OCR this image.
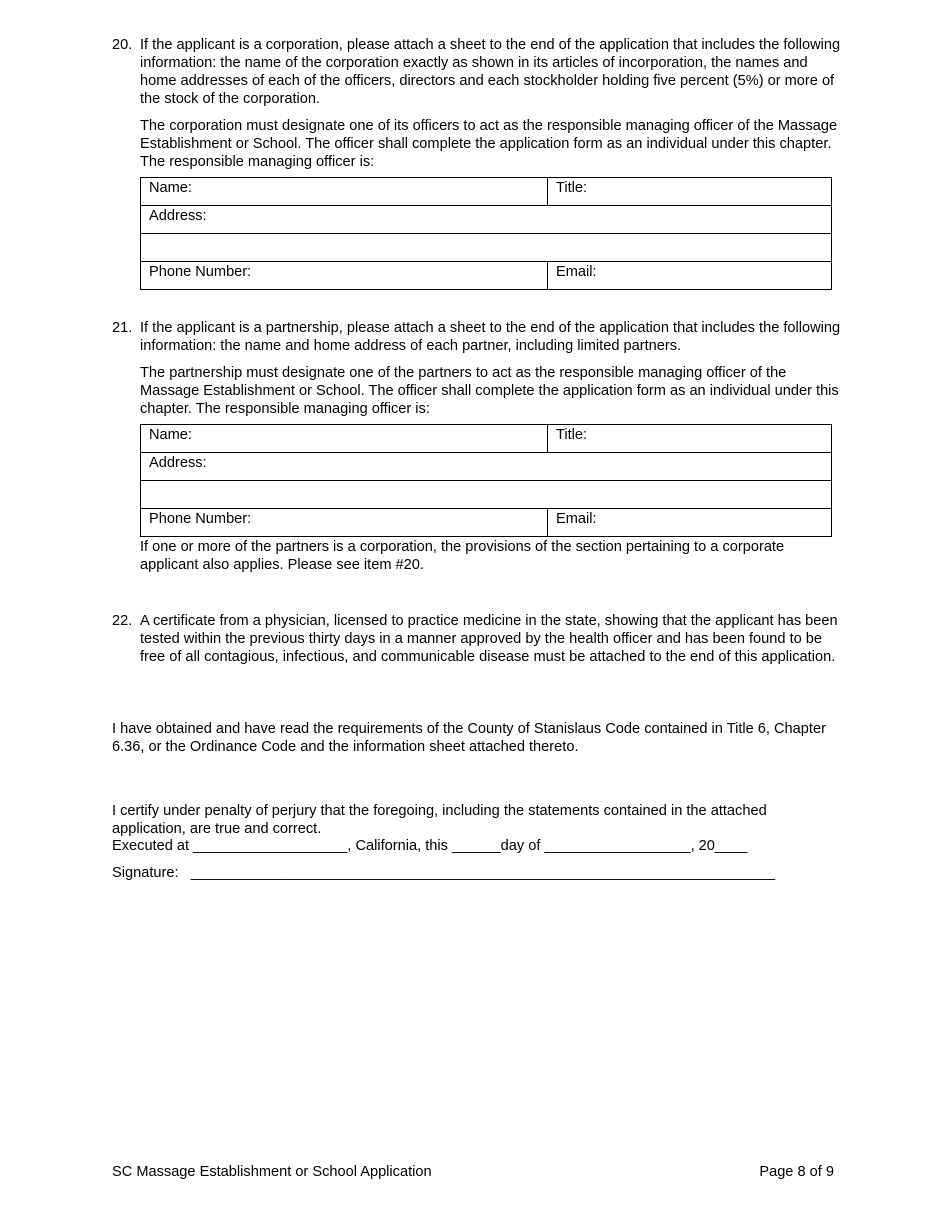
20. If the applicant is a corporation, please attach a sheet to the end of the application that includes the following information: the name of the corporation exactly as shown in its articles of incorporation, the names and home addresses of each of the officers, directors and each stockholder holding five percent (5%) or more of the stock of the corporation.

The corporation must designate one of its officers to act as the responsible managing officer of the Massage Establishment or School. The officer shall complete the application form as an individual under this chapter. The responsible managing officer is:

Name:	Title:
Address:	

Phone Number:	Email:
21. If the applicant is a partnership, please attach a sheet to the end of the application that includes the following information: the name and home address of each partner, including limited partners.

The partnership must designate one of the partners to act as the responsible managing officer of the Massage Establishment or School. The officer shall complete the application form as an individual under this chapter. The responsible managing officer is:

Name:	Title:
Address:	

Phone Number:	Email:

If one or more of the partners is a corporation, the provisions of the section pertaining to a corporate applicant also applies. Please see item #20.

22. A certificate from a physician, licensed to practice medicine in the state, showing that the applicant has been tested within the previous thirty days in a manner approved by the health officer and has been found to be free of all contagious, infectious, and communicable disease must be attached to the end of this application.

I have obtained and have read the requirements of the County of Stanislaus Code contained in Title 6, Chapter 6.36, or the Ordinance Code and the information sheet attached thereto.

I certify under penalty of perjury that the foregoing, including the statements contained in the attached application, are true and correct.

Executed at ___________________, California, this ______day of __________________, 20____
Signature:   ________________________________________________________________________
SC Massage Establishment or School Application	Page 8 of 9
